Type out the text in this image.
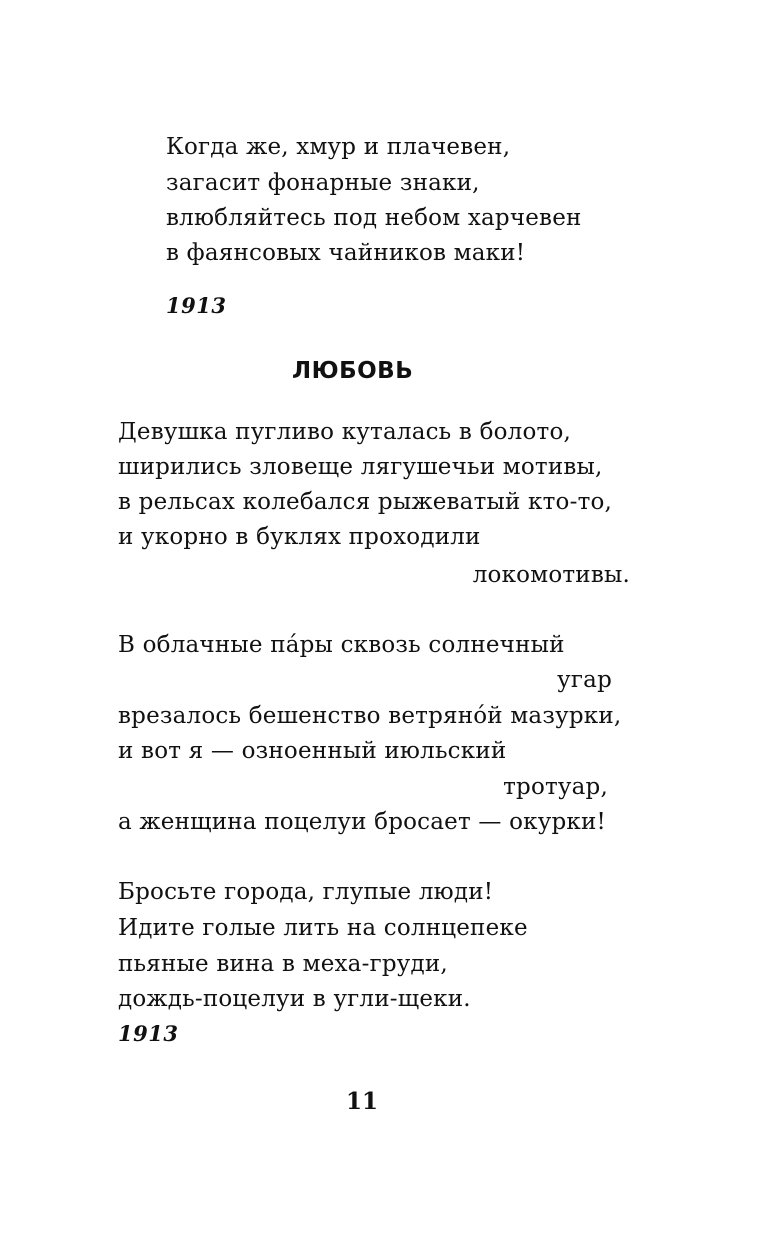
Когда же, хмур и плачевен,
загасит фонарные знаки,
влюбляйтесь под небом харчевен
в фаянсовых чайников маки!
1913
ЛЮБОВЬ
Девушка пугливо куталась в болото,
ширились зловеще лягушечьи мотивы,
в рельсах колебался рыжеватый кто-то,
и укорно в буклях проходили
локомотивы.
В облачные па́ры сквозь солнечный
угар
врезалось бешенство ветряно́й мазурки,
и вот я — озноенный июльский
тротуар,
а женщина поцелуи бросает — окурки!
Бросьте города, глупые люди!
Идите голые лить на солнцепеке
пьяные вина в меха-груди,
дождь-поцелуи в угли-щеки.
1913
11
